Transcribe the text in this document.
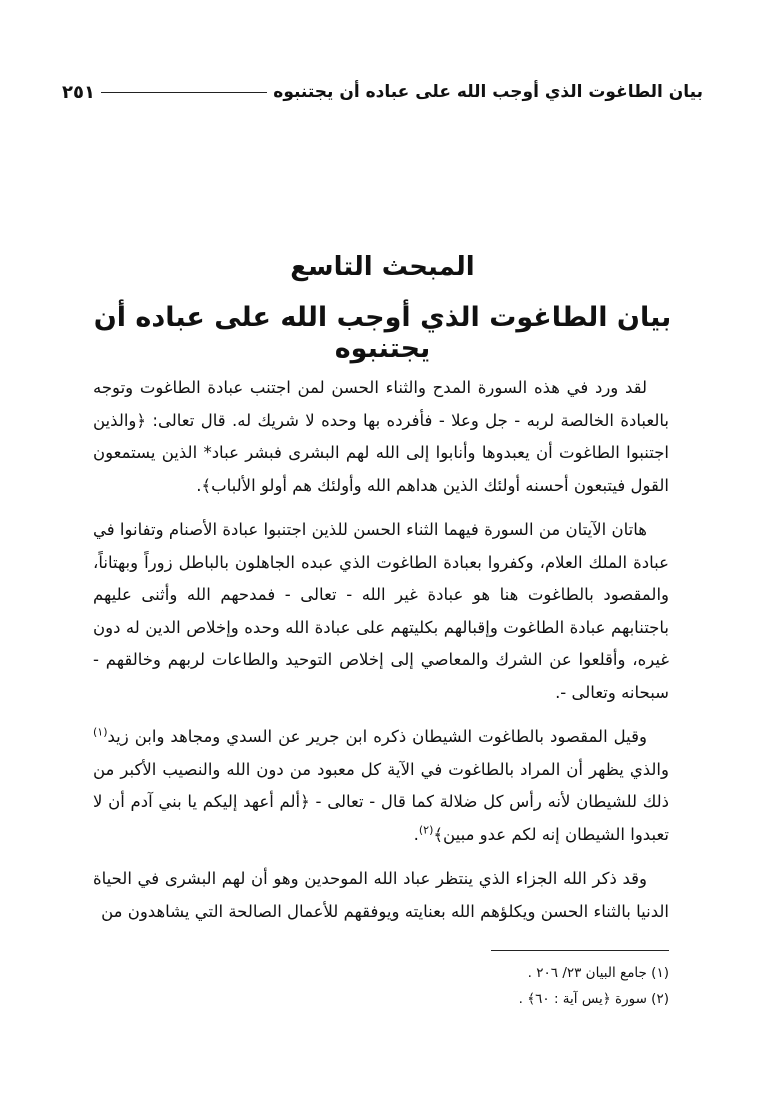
بيان الطاغوت الذي أوجب الله على عباده أن يجتنبوه
٢٥١
المبحث التاسع
بيان الطاغوت الذي أوجب الله على عباده أن يجتنبوه

لقد ورد في هذه السورة المدح والثناء الحسن لمن اجتنب عبادة الطاغوت وتوجه بالعبادة الخالصة لربه - جل وعلا - فأفرده بها وحده لا شريك له. قال تعالى: ﴿والذين اجتنبوا الطاغوت أن يعبدوها وأنابوا إلى الله لهم البشرى فبشر عباد* الذين يستمعون القول فيتبعون أحسنه أولئك الذين هداهم الله وأولئك هم أولو الألباب﴾.

هاتان الآيتان من السورة فيهما الثناء الحسن للذين اجتنبوا عبادة الأصنام وتفانوا في عبادة الملك العلام، وكفروا بعبادة الطاغوت الذي عبده الجاهلون بالباطل زوراً وبهتاناً، والمقصود بالطاغوت هنا هو عبادة غير الله - تعالى - فمدحهم الله وأثنى عليهم باجتنابهم عبادة الطاغوت وإقبالهم بكليتهم على عبادة الله وحده وإخلاص الدين له دون غيره، وأقلعوا عن الشرك والمعاصي إلى إخلاص التوحيد والطاعات لربهم وخالقهم - سبحانه وتعالى -.

وقيل المقصود بالطاغوت الشيطان ذكره ابن جرير عن السدي ومجاهد وابن زيد$^{(١)}$ والذي يظهر أن المراد بالطاغوت في الآية كل معبود من دون الله والنصيب الأكبر من ذلك للشيطان لأنه رأس كل ضلالة كما قال - تعالى - ﴿ألم أعهد إليكم يا بني آدم أن لا تعبدوا الشيطان إنه لكم عدو مبين﴾$^{(٢)}$.

وقد ذكر الله الجزاء الذي ينتظر عباد الله الموحدين وهو أن لهم البشرى في الحياة الدنيا بالثناء الحسن ويكلؤهم الله بعنايته ويوفقهم للأعمال الصالحة التي يشاهدون من

(١) جامع البيان ٢٣/ ٢٠٦ .
(٢) سورة ﴿يس آية : ٦٠﴾ .
